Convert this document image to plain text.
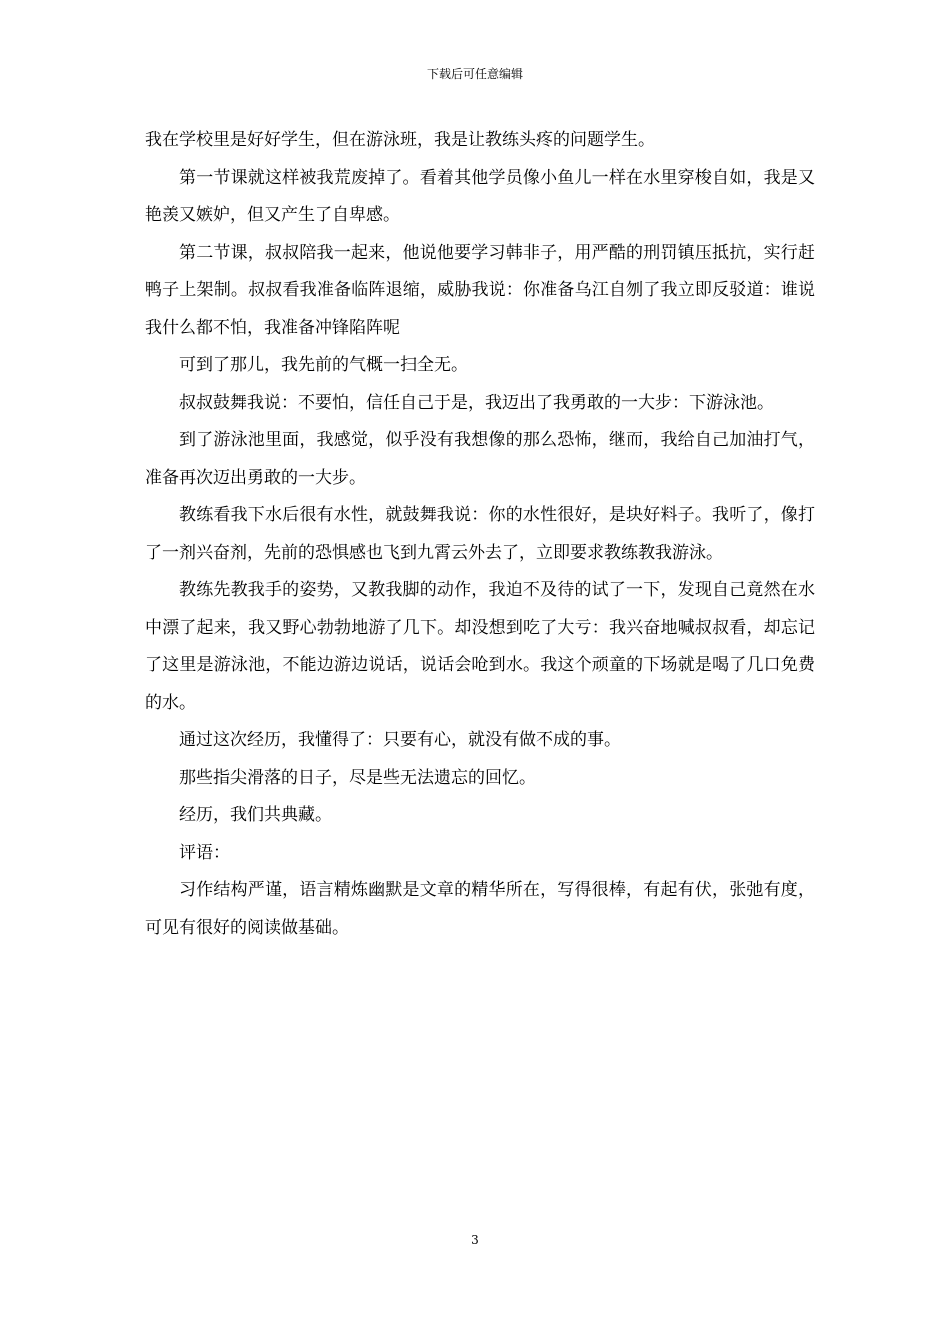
下载后可任意编辑

我在学校里是好好学生，但在游泳班，我是让教练头疼的问题学生。

第一节课就这样被我荒废掉了。看着其他学员像小鱼儿一样在水里穿梭自如，我是又艳羡又嫉妒，但又产生了自卑感。

第二节课，叔叔陪我一起来，他说他要学习韩非子，用严酷的刑罚镇压抵抗，实行赶鸭子上架制。叔叔看我准备临阵退缩，威胁我说：你准备乌江自刎了我立即反驳道：谁说我什么都不怕，我准备冲锋陷阵呢

可到了那儿，我先前的气概一扫全无。

叔叔鼓舞我说：不要怕，信任自己于是，我迈出了我勇敢的一大步：下游泳池。

到了游泳池里面，我感觉，似乎没有我想像的那么恐怖，继而，我给自己加油打气，准备再次迈出勇敢的一大步。

教练看我下水后很有水性，就鼓舞我说：你的水性很好，是块好料子。我听了，像打了一剂兴奋剂，先前的恐惧感也飞到九霄云外去了，立即要求教练教我游泳。

教练先教我手的姿势，又教我脚的动作，我迫不及待的试了一下，发现自己竟然在水中漂了起来，我又野心勃勃地游了几下。却没想到吃了大亏：我兴奋地喊叔叔看，却忘记了这里是游泳池，不能边游边说话，说话会呛到水。我这个顽童的下场就是喝了几口免费的水。

通过这次经历，我懂得了：只要有心，就没有做不成的事。

那些指尖滑落的日子，尽是些无法遗忘的回忆。

经历，我们共典藏。

评语：

习作结构严谨，语言精炼幽默是文章的精华所在，写得很棒，有起有伏，张弛有度，可见有很好的阅读做基础。

3
